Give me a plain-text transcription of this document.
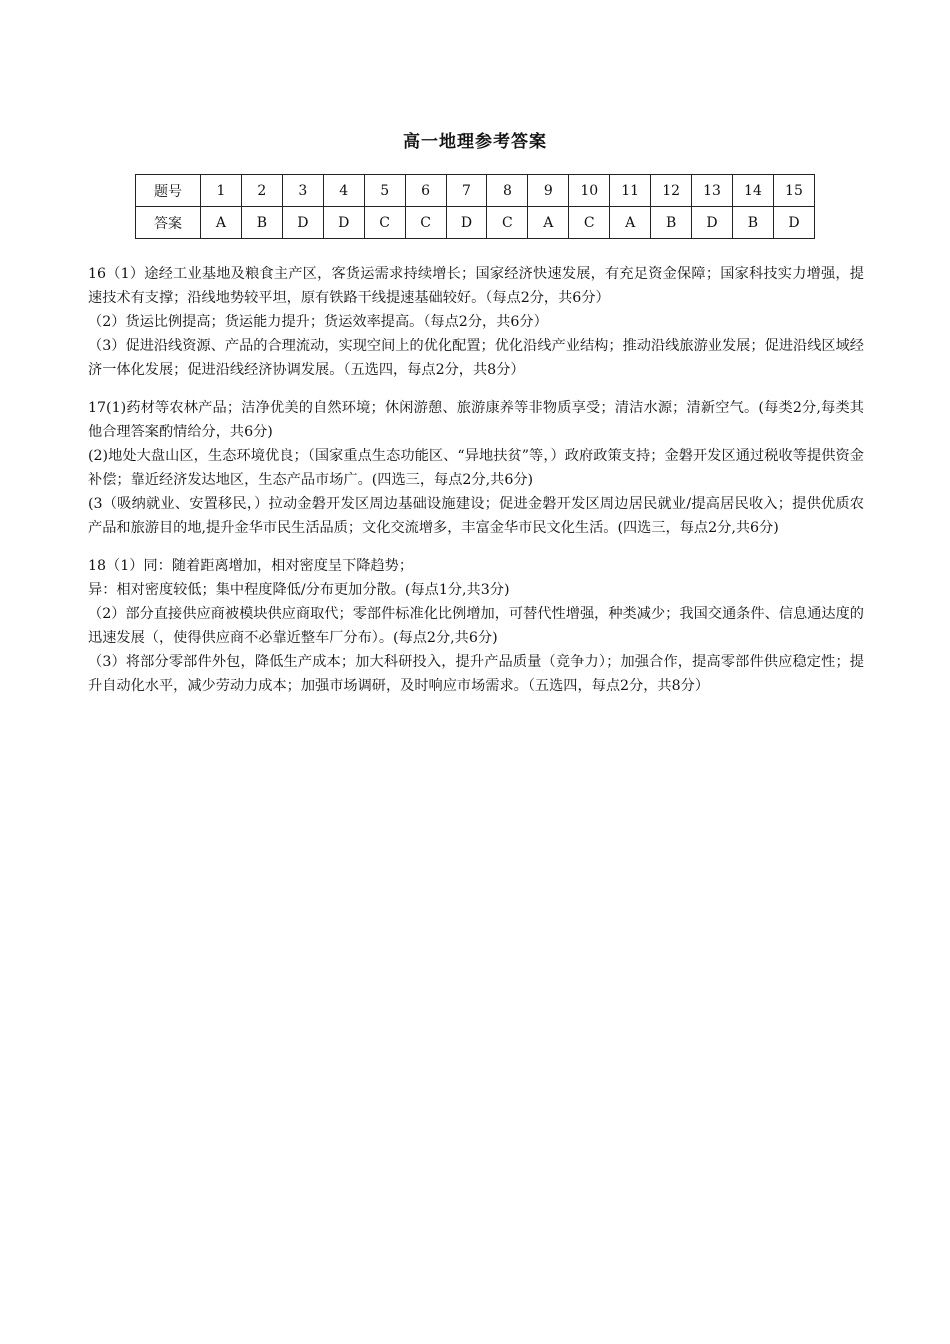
高一地理参考答案
题号	1	2	3	4	5	6	7	8	9	10	11	12	13	14	15
答案	A	B	D	D	C	C	D	C	A	C	A	B	D	B	D

16（1）途经工业基地及粮食主产区，客货运需求持续增长；国家经济快速发展，有充足资金保障；国家科技实力增强，提速技术有支撑；沿线地势较平坦，原有铁路干线提速基础较好。（每点2分，共6分）

（2）货运比例提高；货运能力提升；货运效率提高。（每点2分，共6分）

（3）促进沿线资源、产品的合理流动，实现空间上的优化配置；优化沿线产业结构；推动沿线旅游业发展；促进沿线区域经济一体化发展；促进沿线经济协调发展。（五选四，每点2分，共8分）

17(1)药材等农林产品；洁净优美的自然环境；休闲游憩、旅游康养等非物质享受；清洁水源；清新空气。(每类2分,每类其他合理答案酌情给分，共6分)

(2)地处大盘山区，生态环境优良；（国家重点生态功能区、“异地扶贫”等，）政府政策支持；金磐开发区通过税收等提供资金补偿；靠近经济发达地区，生态产品市场广。(四选三，每点2分,共6分)

(3（吸纳就业、安置移民，）拉动金磐开发区周边基础设施建设；促进金磐开发区周边居民就业/提高居民收入；提供优质农产品和旅游目的地,提升金华市民生活品质；文化交流增多，丰富金华市民文化生活。(四选三，每点2分,共6分)

18（1）同：随着距离增加，相对密度呈下降趋势；

异：相对密度较低；集中程度降低/分布更加分散。(每点1分,共3分)

（2）部分直接供应商被模块供应商取代；零部件标准化比例增加，可替代性增强，种类减少；我国交通条件、信息通达度的迅速发展（，使得供应商不必靠近整车厂分布）。(每点2分,共6分)

（3）将部分零部件外包，降低生产成本；加大科研投入，提升产品质量（竞争力）；加强合作，提高零部件供应稳定性；提升自动化水平，减少劳动力成本；加强市场调研，及时响应市场需求。（五选四，每点2分，共8分）
